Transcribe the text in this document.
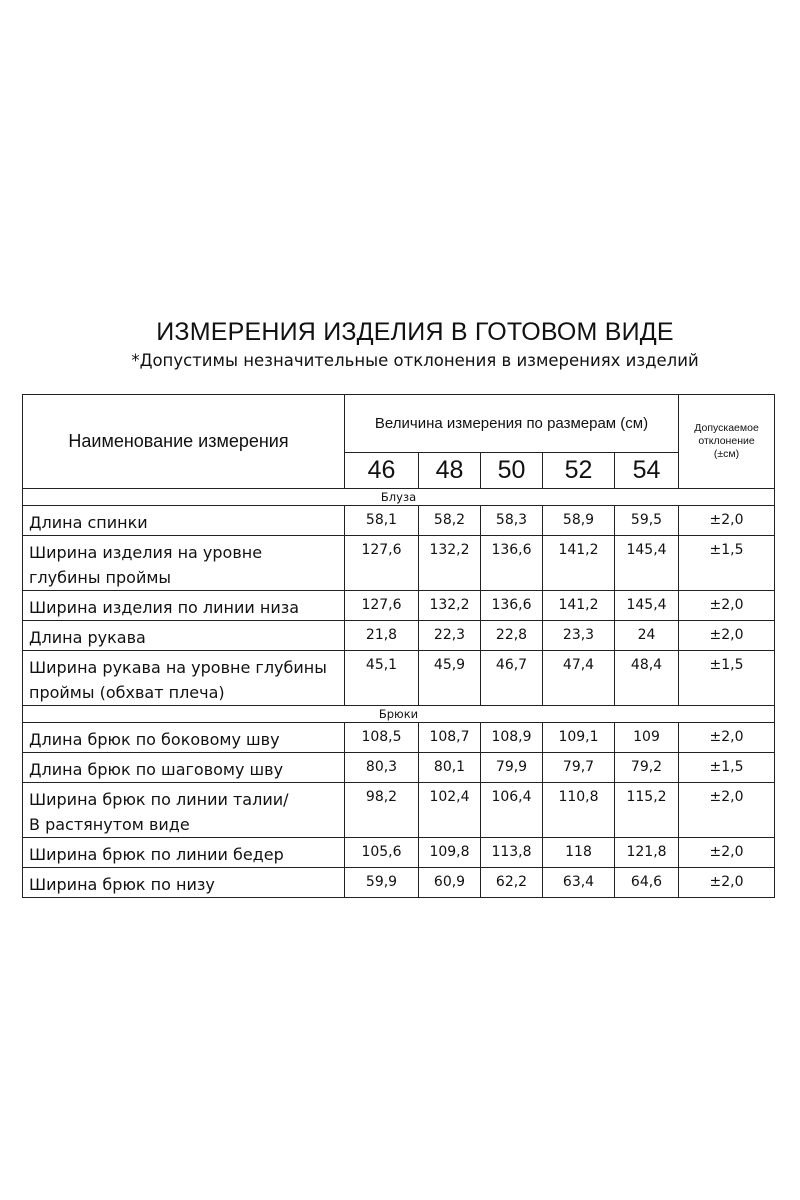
ИЗМЕРЕНИЯ ИЗДЕЛИЯ В ГОТОВОМ ВИДЕ
*Допустимы незначительные отклонения в измерениях изделий
Наименование измерения	Величина измерения по размерам (см)					Допускаемое
отклонение
(±см)

	46	48	50	52	54	
Блуза						

Длина спинки	58,1	58,2	58,3	58,9	59,5	±2,0

Ширина изделия на уровне
глубины проймы	127,6	132,2	136,6	141,2	145,4	±1,5

Ширина изделия по линии низа	127,6	132,2	136,6	141,2	145,4	±2,0

Длина рукава	21,8	22,3	22,8	23,3	24	±2,0

Ширина рукава на уровне глубины
проймы (обхват плеча)	45,1	45,9	46,7	47,4	48,4	±1,5
Брюки						

Длина брюк по боковому шву	108,5	108,7	108,9	109,1	109	±2,0

Длина брюк по шаговому шву	80,3	80,1	79,9	79,7	79,2	±1,5

Ширина брюк по линии талии/
В растянутом виде	98,2	102,4	106,4	110,8	115,2	±2,0

Ширина брюк по линии бедер	105,6	109,8	113,8	118	121,8	±2,0

Ширина брюк по низу	59,9	60,9	62,2	63,4	64,6	±2,0
